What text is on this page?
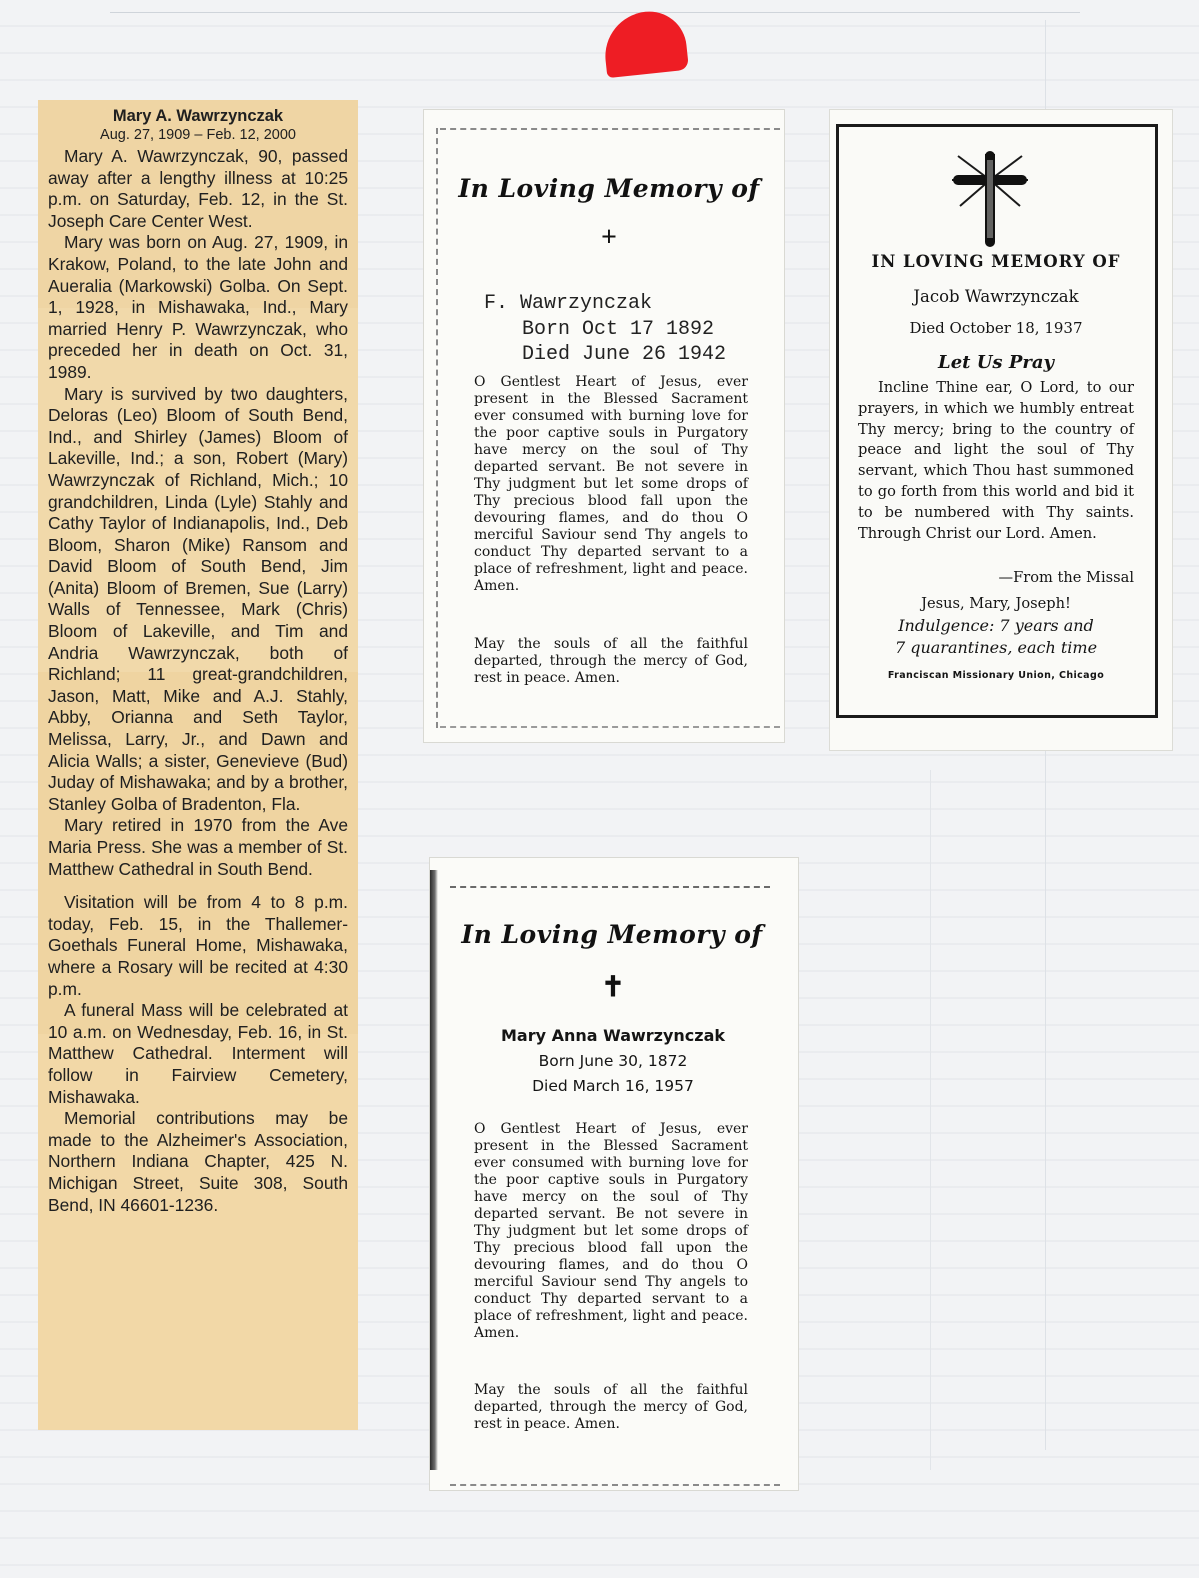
Mary A. Wawrzynczak
Aug. 27, 1909 – Feb. 12, 2000

Mary A. Wawrzynczak, 90, passed away after a lengthy illness at 10:25 p.m. on Saturday, Feb. 12, in the St. Joseph Care Center West.

Mary was born on Aug. 27, 1909, in Krakow, Poland, to the late John and Aueralia (Markowski) Golba. On Sept. 1, 1928, in Mishawaka, Ind., Mary married Henry P. Wawrzynczak, who preceded her in death on Oct. 31, 1989.

Mary is survived by two daughters, Deloras (Leo) Bloom of South Bend, Ind., and Shirley (James) Bloom of Lakeville, Ind.; a son, Robert (Mary) Wawrzynczak of Richland, Mich.; 10 grandchildren, Linda (Lyle) Stahly and Cathy Taylor of Indianapolis, Ind., Deb Bloom, Sharon (Mike) Ransom and David Bloom of South Bend, Jim (Anita) Bloom of Bremen, Sue (Larry) Walls of Tennessee, Mark (Chris) Bloom of Lakeville, and Tim and Andria Wawrzynczak, both of Richland; 11 great-grandchildren, Jason, Matt, Mike and A.J. Stahly, Abby, Orianna and Seth Taylor, Melissa, Larry, Jr., and Dawn and Alicia Walls; a sister, Genevieve (Bud) Juday of Mishawaka; and by a brother, Stanley Golba of Bradenton, Fla.

Mary retired in 1970 from the Ave Maria Press. She was a member of St. Matthew Cathedral in South Bend.

Visitation will be from 4 to 8 p.m. today, Feb. 15, in the Thallemer-Goethals Funeral Home, Mishawaka, where a Rosary will be recited at 4:30 p.m.

A funeral Mass will be celebrated at 10 a.m. on Wednesday, Feb. 16, in St. Matthew Cathedral. Interment will follow in Fairview Cemetery, Mishawaka.

Memorial contributions may be made to the Alzheimer's Association, Northern Indiana Chapter, 425 N. Michigan Street, Suite 308, South Bend, IN 46601-1236.

In Loving Memory of
+
F. Wawrzynczak
Born Oct 17 1892
Died June 26 1942

O Gentlest Heart of Jesus, ever present in the Blessed Sacrament ever consumed with burning love for the poor captive souls in Purgatory have mercy on the soul of Thy departed servant. Be not severe in Thy judgment but let some drops of Thy precious blood fall upon the devouring flames, and do thou O merciful Saviour send Thy angels to conduct Thy departed servant to a place of refreshment, light and peace. Amen.

May the souls of all the faithful departed, through the mercy of God, rest in peace. Amen.

IN LOVING MEMORY OF
Jacob Wawrzynczak
Died October 18, 1937
Let Us Pray

Incline Thine ear, O Lord, to our prayers, in which we humbly entreat Thy mercy; bring to the country of peace and light the soul of Thy servant, which Thou hast summoned to go forth from this world and bid it to be numbered with Thy saints. Through Christ our Lord. Amen.

—From the Missal
Jesus, Mary, Joseph!
Indulgence: 7 years and
7 quarantines, each time
Franciscan Missionary Union, Chicago
In Loving Memory of
✝
Mary Anna Wawrzynczak
Born June 30, 1872
Died March 16, 1957

O Gentlest Heart of Jesus, ever present in the Blessed Sacrament ever consumed with burning love for the poor captive souls in Purgatory have mercy on the soul of Thy departed servant. Be not severe in Thy judgment but let some drops of Thy precious blood fall upon the devouring flames, and do thou O merciful Saviour send Thy angels to conduct Thy departed servant to a place of refreshment, light and peace. Amen.

May the souls of all the faithful departed, through the mercy of God, rest in peace. Amen.
